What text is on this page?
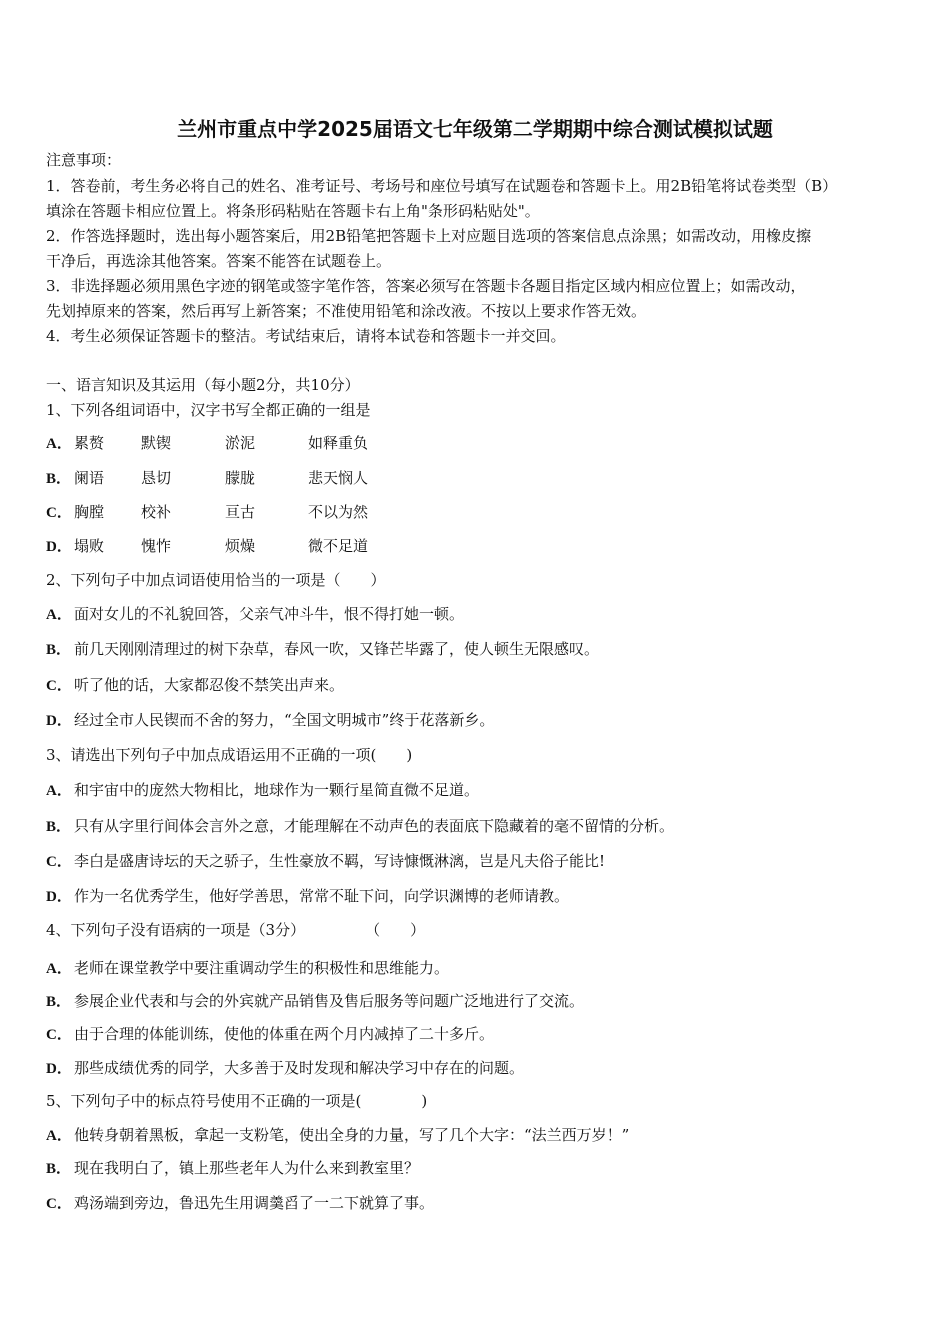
兰州市重点中学2025届语文七年级第二学期期中综合测试模拟试题
注意事项：
1．答卷前，考生务必将自己的姓名、准考证号、考场号和座位号填写在试题卷和答题卡上。用2B铅笔将试卷类型（B）
填涂在答题卡相应位置上。将条形码粘贴在答题卡右上角"条形码粘贴处"。
2．作答选择题时，选出每小题答案后，用2B铅笔把答题卡上对应题目选项的答案信息点涂黑；如需改动，用橡皮擦
干净后，再选涂其他答案。答案不能答在试题卷上。
3．非选择题必须用黑色字迹的钢笔或签字笔作答，答案必须写在答题卡各题目指定区域内相应位置上；如需改动，
先划掉原来的答案，然后再写上新答案；不准使用铅笔和涂改液。不按以上要求作答无效。
4．考生必须保证答题卡的整洁。考试结束后，请将本试卷和答题卡一并交回。
一、语言知识及其运用（每小题2分，共10分）
1、下列各组词语中，汉字书写全都正确的一组是
A． 累赘 默锲	淤泥	如释重负
B． 阑语 恳切	朦胧	悲天悯人
C． 胸膛 校补	亘古	不以为然
D． 塌败 愧怍	烦燥	微不足道
2、下列句子中加点词语使用恰当的一项是（　　）
A． 面对女儿的不礼貌回答，父亲气冲斗牛，恨不得打她一顿。
B． 前几天刚刚清理过的树下杂草，春风一吹，又锋芒毕露了，使人顿生无限感叹。
C． 听了他的话，大家都忍俊不禁笑出声来。
D． 经过全市人民锲而不舍的努力，“全国文明城市”终于花落新乡。
3、请选出下列句子中加点成语运用不正确的一项(　　)
A． 和宇宙中的庞然大物相比，地球作为一颗行星简直微不足道。
B． 只有从字里行间体会言外之意，才能理解在不动声色的表面底下隐藏着的毫不留情的分析。
C． 李白是盛唐诗坛的天之骄子，生性豪放不羁，写诗慷慨淋漓，岂是凡夫俗子能比!
D． 作为一名优秀学生，他好学善思，常常不耻下问，向学识渊博的老师请教。
4、下列句子没有语病的一项是（3分）　　　　　（　　）
A． 老师在课堂教学中要注重调动学生的积极性和思维能力。
B． 参展企业代表和与会的外宾就产品销售及售后服务等问题广泛地进行了交流。
C． 由于合理的体能训练，使他的体重在两个月内减掉了二十多斤。
D． 那些成绩优秀的同学，大多善于及时发现和解决学习中存在的问题。
5、下列句子中的标点符号使用不正确的一项是(　　　　)
A． 他转身朝着黑板，拿起一支粉笔，使出全身的力量，写了几个大字：“法兰西万岁！”
B． 现在我明白了，镇上那些老年人为什么来到教室里？
C． 鸡汤端到旁边，鲁迅先生用调羹舀了一二下就算了事。
